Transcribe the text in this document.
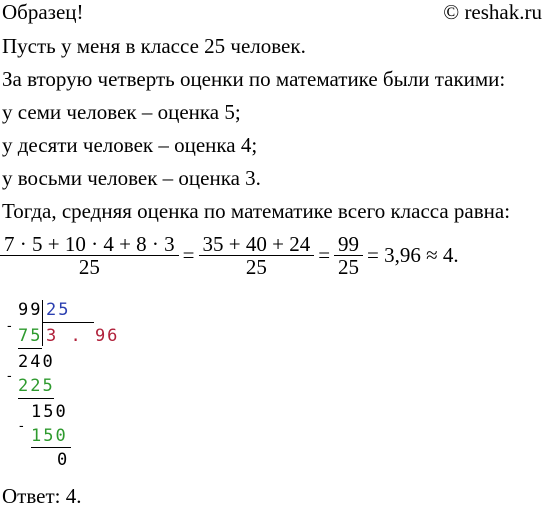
Образец!	© reshak.ru
Пусть у меня в классе 25 человек.
За вторую четверть оценки по математике были такими:
у семи человек – оценка 5;
у десяти человек – оценка 4;
у восьми человек – оценка 3.
Тогда, средняя оценка по математике всего класса равна:
$\frac{7 \cdot 5 + 10 \cdot 4 + 8 \cdot 3}{25} = \frac{35 + 40 + 24}{25} = \frac{99}{25} = 3,96 \approx 4$.
99 25
-
75 3 . 96
240
-
225
150
-
150
0
Ответ: 4.
